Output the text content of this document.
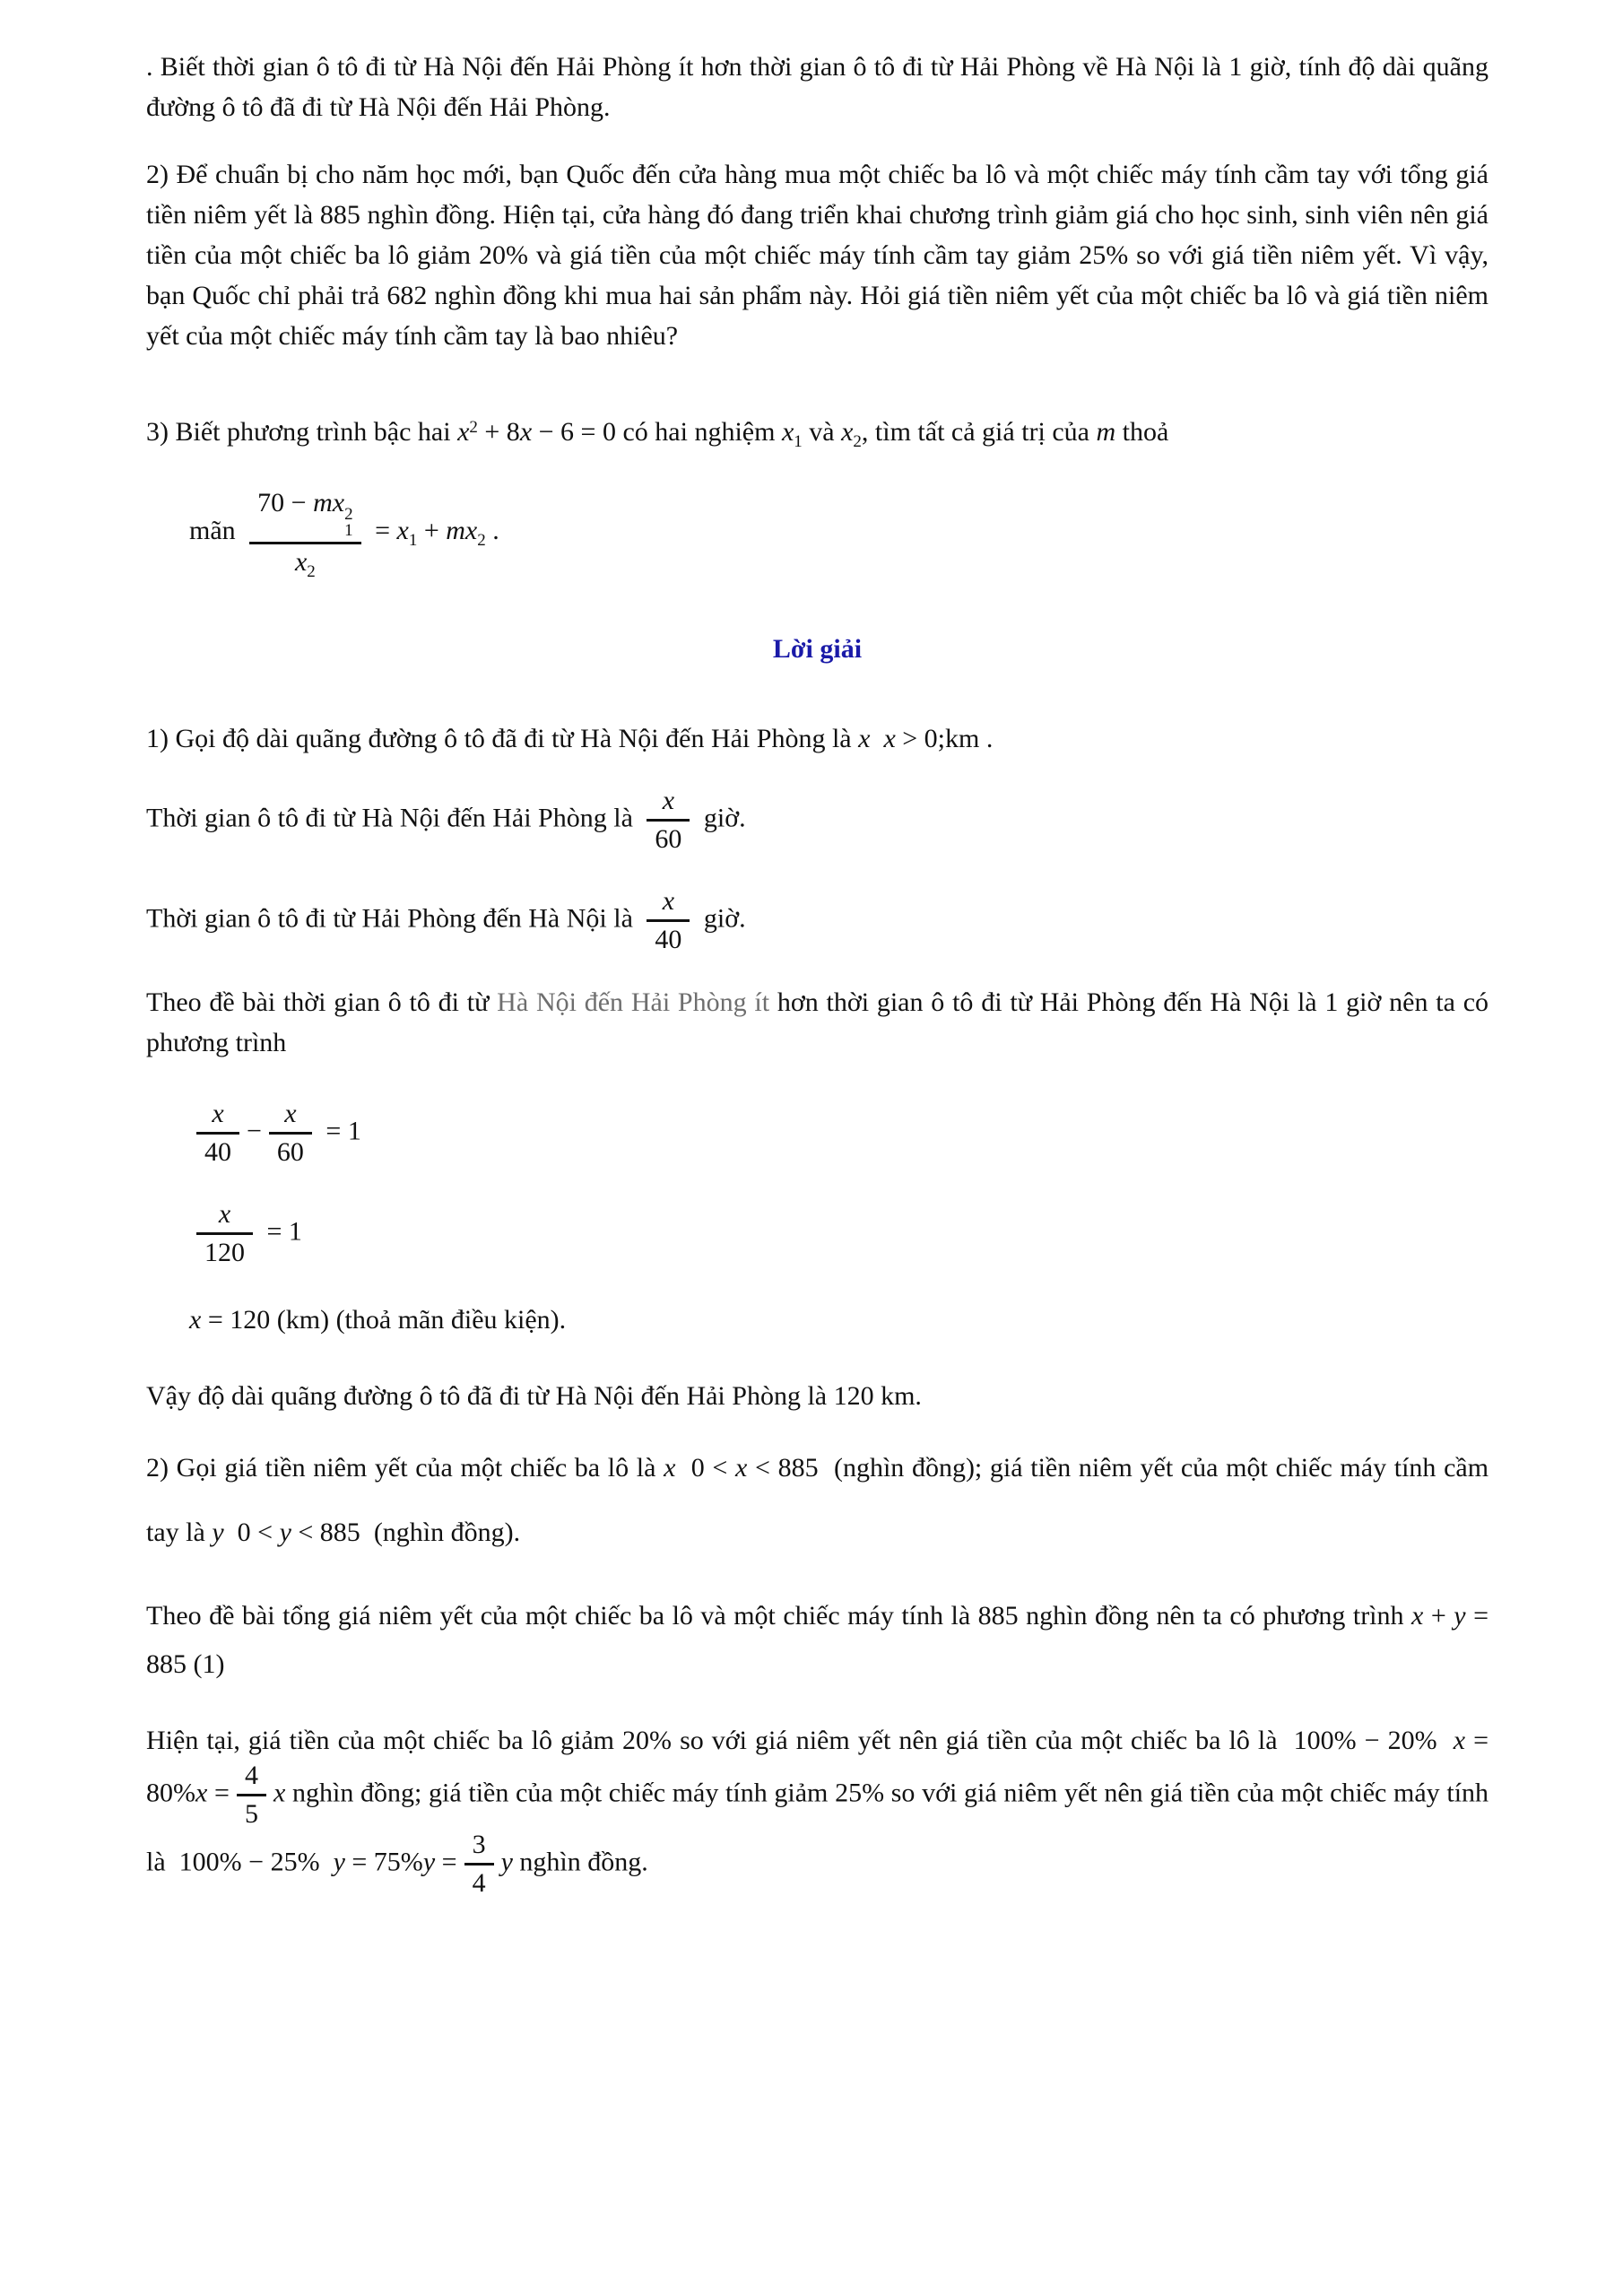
. Biết thời gian ô tô đi từ Hà Nội đến Hải Phòng ít hơn thời gian ô tô đi từ Hải Phòng về Hà Nội là 1 giờ, tính độ dài quãng đường ô tô đã đi từ Hà Nội đến Hải Phòng.

2) Để chuẩn bị cho năm học mới, bạn Quốc đến cửa hàng mua một chiếc ba lô và một chiếc máy tính cầm tay với tổng giá tiền niêm yết là 885 nghìn đồng. Hiện tại, cửa hàng đó đang triển khai chương trình giảm giá cho học sinh, sinh viên nên giá tiền của một chiếc ba lô giảm 20% và giá tiền của một chiếc máy tính cầm tay giảm 25% so với giá tiền niêm yết. Vì vậy, bạn Quốc chỉ phải trả 682 nghìn đồng khi mua hai sản phẩm này. Hỏi giá tiền niêm yết của một chiếc ba lô và giá tiền niêm yết của một chiếc máy tính cầm tay là bao nhiêu?

3) Biết phương trình bậc hai $x^2 + 8x - 6 = 0$ có hai nghiệm $x_1$ và $x_2$, tìm tất cả giá trị của m thoả

mãn 70 − mx 2
1
$x_2 = x_1 + mx_2$ .

Lời giải

1) Gọi độ dài quãng đường ô tô đã đi từ Hà Nội đến Hải Phòng là x x > 0;km .

Thời gian ô tô đi từ Hà Nội đến Hải Phòng là $\frac{x}{60}$ giờ.
Thời gian ô tô đi từ Hải Phòng đến Hà Nội là $\frac{x}{40}$ giờ.

Theo đề bài thời gian ô tô đi từ Hà Nội đến Hải Phòng ít hơn thời gian ô tô đi từ Hải Phòng đến Hà Nội là 1 giờ nên ta có phương trình

$\frac{x}{40} - \frac{x}{60} = 1$
$\frac{x}{120} = 1$

x = 120 (km) (thoả mãn điều kiện).

Vậy độ dài quãng đường ô tô đã đi từ Hà Nội đến Hải Phòng là 120 km.

2) Gọi giá tiền niêm yết của một chiếc ba lô là x 0 < x < 885 (nghìn đồng); giá tiền niêm yết của một chiếc máy tính cầm tay là y 0 < y < 885 (nghìn đồng).

Theo đề bài tổng giá niêm yết của một chiếc ba lô và một chiếc máy tính là 885 nghìn đồng nên ta có phương trình x + y = 885 (1)

Hiện tại, giá tiền của một chiếc ba lô giảm 20% so với giá niêm yết nên giá tiền của một chiếc ba lô là 100% − 20% $x = 80\%x = \frac{4}{5}$ x nghìn đồng; giá tiền của một chiếc máy tính giảm 25% so với giá niêm yết nên giá tiền của một chiếc máy tính là 100% − 25% $y = 75\%y = \frac{3}{4}$ y nghìn đồng.
